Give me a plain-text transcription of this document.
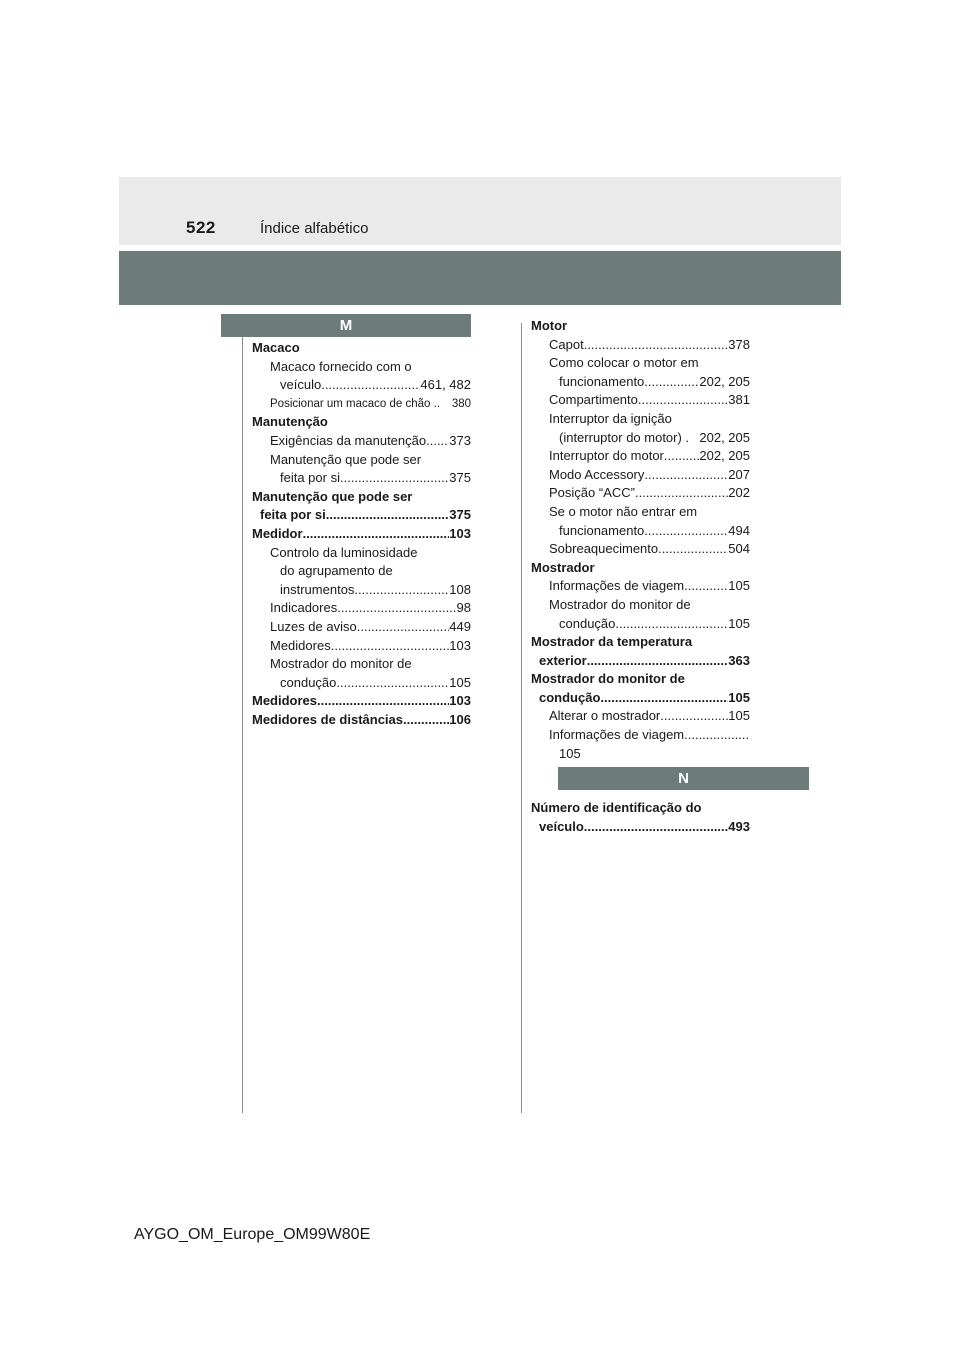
522	Índice alfabético
M
Macaco
Macaco fornecido com o
veículo .....	461, 482
Posicionar um macaco de chão .. 380
Manutenção
Exigências da manutenção ..... 373
Manutenção que pode ser
feita por si .....	375
Manutenção que pode ser
feita por si .....	375
Medidor .....	103
Controlo da luminosidade
do agrupamento de
instrumentos .....	108
Indicadores .....	98
Luzes de aviso .....	449
Medidores .....	103
Mostrador do monitor de
condução .....	105
Medidores .....	103
Medidores de distâncias .....	106
Motor
Capot .....	378
Como colocar o motor em
funcionamento .....	202, 205
Compartimento .....	381
Interruptor da ignição
(interruptor do motor) . 202, 205
Interruptor do motor .....	202, 205
Modo Accessory .....	207
Posição “ACC” .....	202
Se o motor não entrar em
funcionamento .....	494
Sobreaquecimento .....	504
Mostrador
Informações de viagem .....	105
Mostrador do monitor de
condução .....	105
Mostrador da temperatura
exterior .....	363
Mostrador do monitor de
condução .....	105
Alterar o mostrador .....	105
Informações de viagem
.....
105
N
Número de identificação do
veículo .....	493
AYGO_OM_Europe_OM99W80E
